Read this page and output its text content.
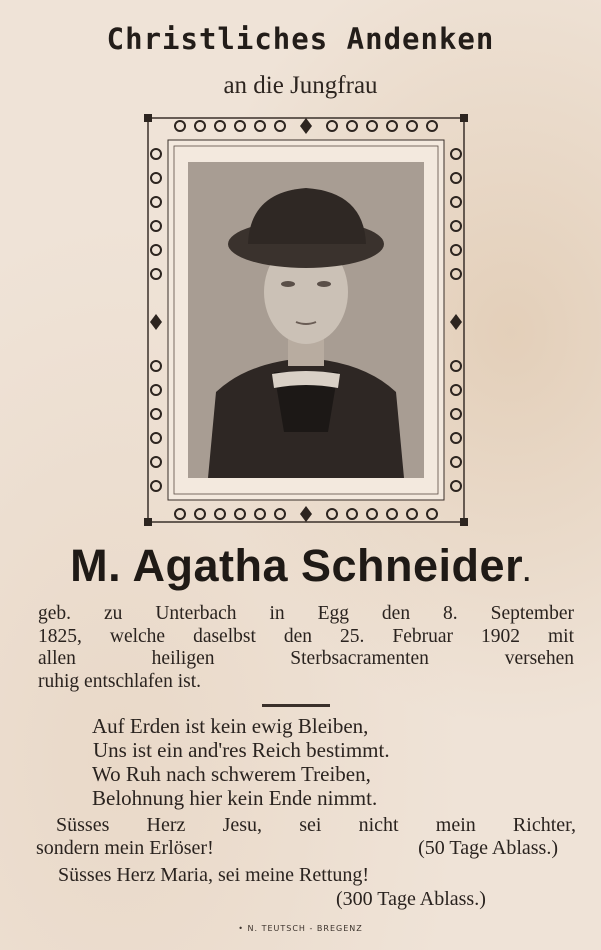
Christliches Andenken
an die Jungfrau
M. Agatha Schneider.
geb. zu Unterbach in Egg den 8. September
1825, welche daselbst den 25. Februar 1902 mit
allen heiligen Sterbsacramenten versehen
ruhig entschlafen ist.
Auf Erden ist kein ewig Bleiben,
Uns ist ein and'res Reich bestimmt.
Wo Ruh nach schwerem Treiben,
Belohnung hier kein Ende nimmt.
Süsses Herz Jesu, sei nicht mein Richter,
sondern mein Erlöser!	(50 Tage Ablass.)
Süsses Herz Maria, sei meine Rettung!
(300 Tage Ablass.)
• N. TEUTSCH - BREGENZ
